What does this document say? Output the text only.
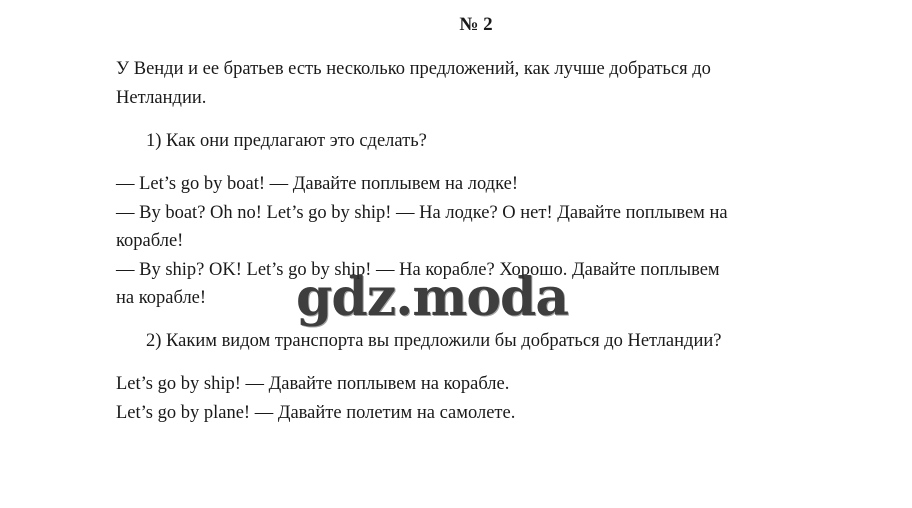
№ 2

У Венди и ее братьев есть несколько предложений, как лучше добраться до

Нетландии.

1) Как они предлагают это сделать?

— Let’s go by boat! — Давайте поплывем на лодке!

— By boat? Oh no! Let’s go by ship! — На лодке? О нет! Давайте поплывем на

корабле!

— By ship? OK! Let’s go by ship! — На корабле? Хорошо. Давайте поплывем

на корабле!

2) Каким видом транспорта вы предложили бы добраться до Нетландии?

Let’s go by ship! — Давайте поплывем на корабле.

Let’s go by plane! — Давайте полетим на самолете.

gdz.moda
